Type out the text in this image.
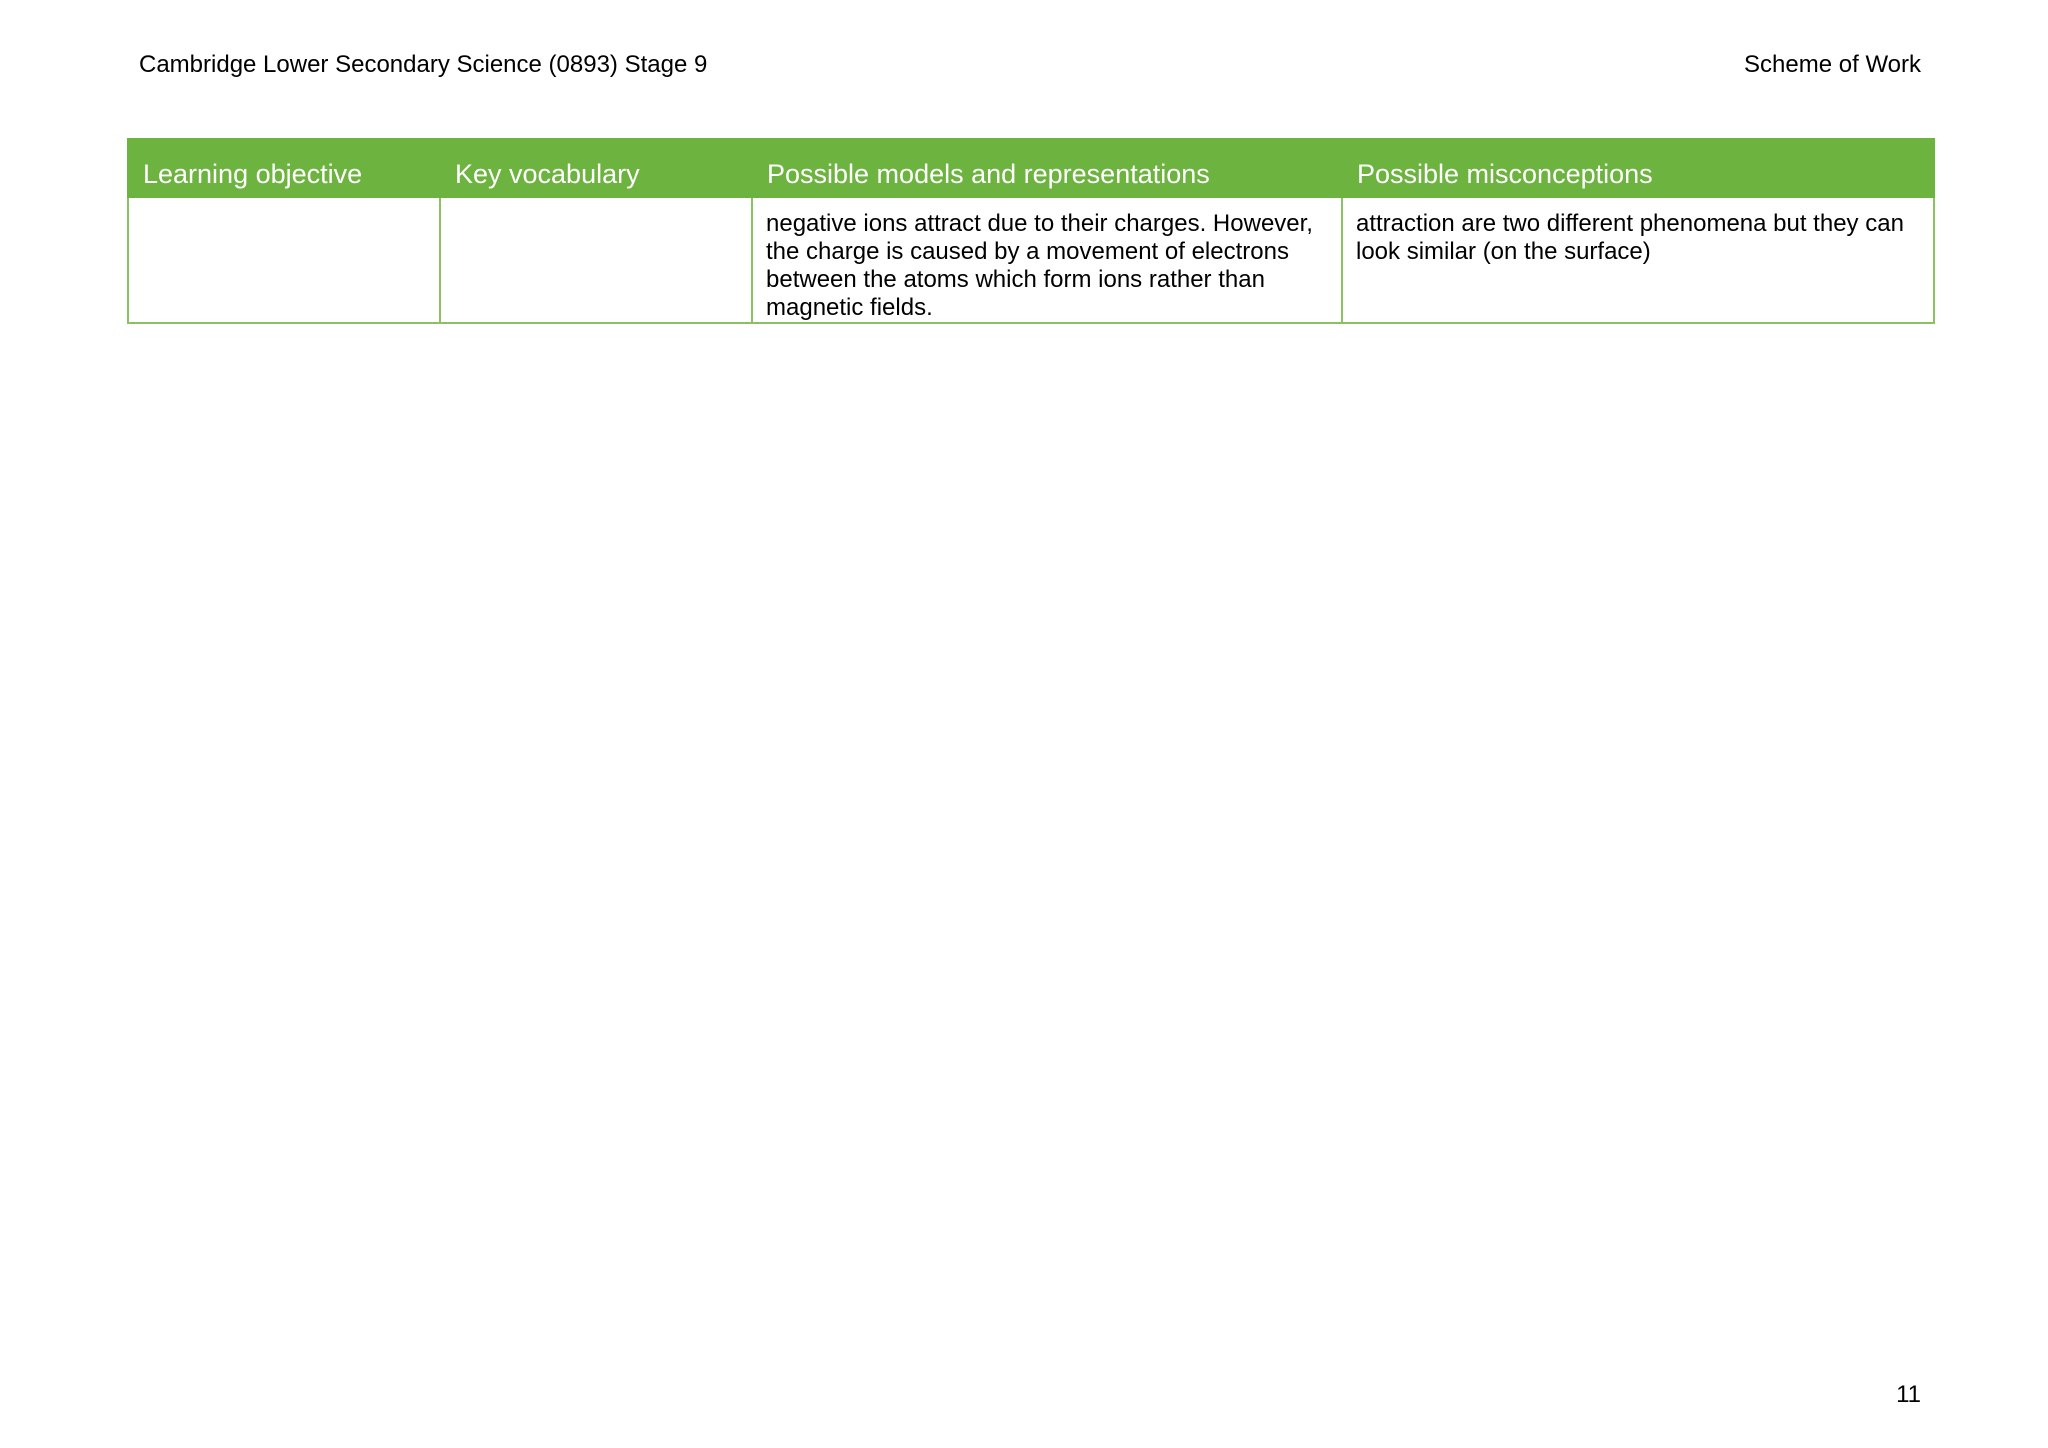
Cambridge Lower Secondary Science (0893) Stage 9	Scheme of Work
Learning objective	Key vocabulary	Possible models and representations	Possible misconceptions
		negative ions attract due to their charges. However, the charge is caused by a movement of electrons between the atoms which form ions rather than magnetic fields.	attraction are two different phenomena but they can look similar (on the surface)
11
